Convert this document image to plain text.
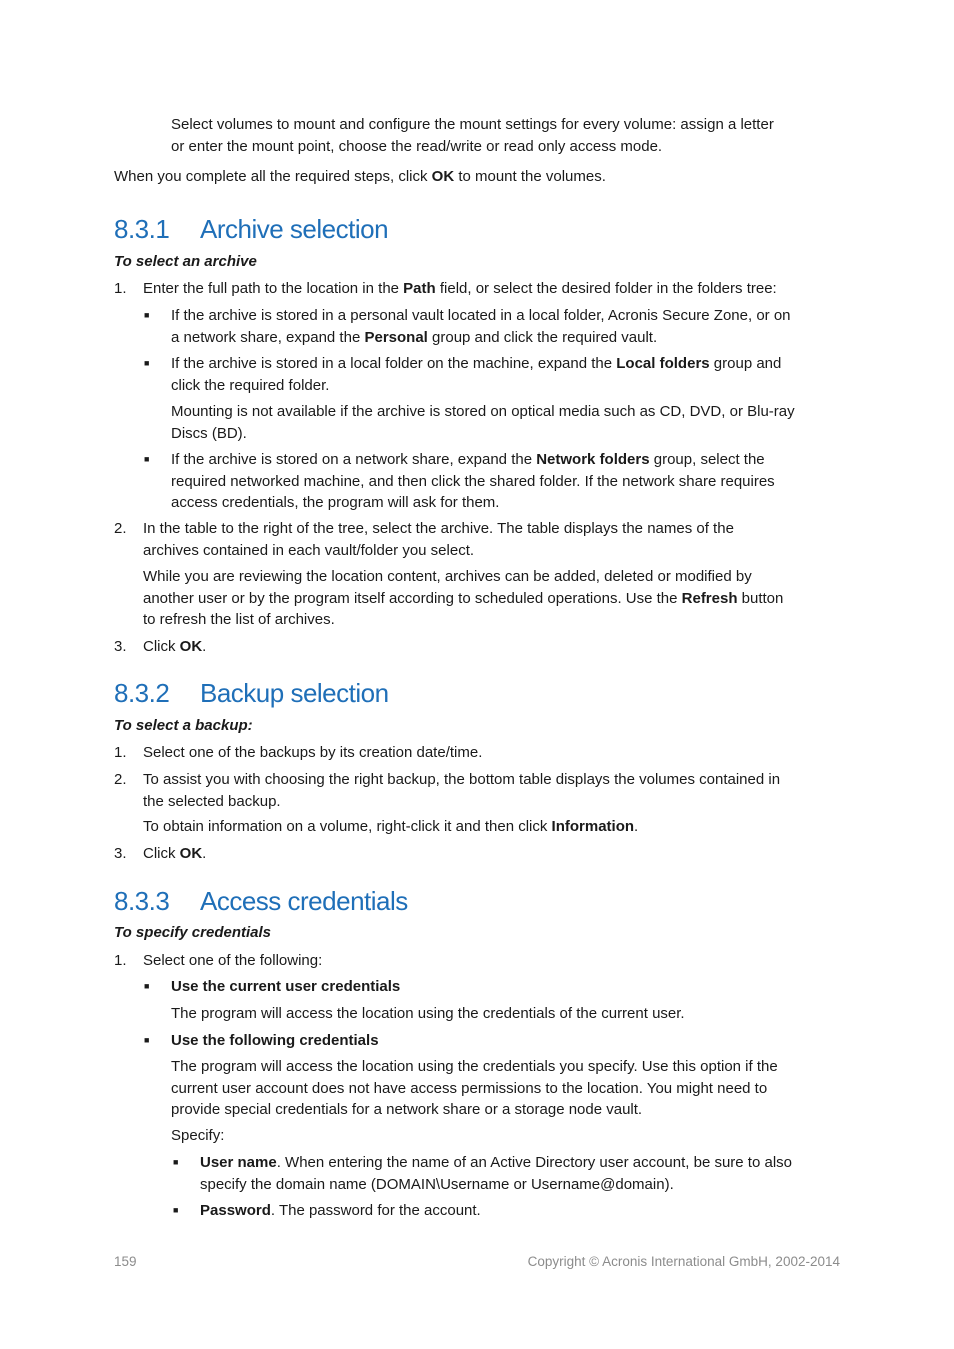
Select volumes to mount and configure the mount settings for every volume: assign a letter
or enter the mount point, choose the read/write or read only access mode.
When you complete all the required steps, click OK to mount the volumes.
8.3.1 Archive selection
To select an archive
1. Enter the full path to the location in the Path field, or select the desired folder in the folders tree:
■ If the archive is stored in a personal vault located in a local folder, Acronis Secure Zone, or on
a network share, expand the Personal group and click the required vault.
■ If the archive is stored in a local folder on the machine, expand the Local folders group and
click the required folder.
Mounting is not available if the archive is stored on optical media such as CD, DVD, or Blu-ray
Discs (BD).
■ If the archive is stored on a network share, expand the Network folders group, select the
required networked machine, and then click the shared folder. If the network share requires
access credentials, the program will ask for them.
2. In the table to the right of the tree, select the archive. The table displays the names of the
archives contained in each vault/folder you select.
While you are reviewing the location content, archives can be added, deleted or modified by
another user or by the program itself according to scheduled operations. Use the Refresh button
to refresh the list of archives.
3. Click OK.
8.3.2 Backup selection
To select a backup:
1. Select one of the backups by its creation date/time.
2. To assist you with choosing the right backup, the bottom table displays the volumes contained in
the selected backup.
To obtain information on a volume, right-click it and then click Information.
3. Click OK.
8.3.3 Access credentials
To specify credentials
1. Select one of the following:
■ Use the current user credentials
The program will access the location using the credentials of the current user.
■ Use the following credentials
The program will access the location using the credentials you specify. Use this option if the
current user account does not have access permissions to the location. You might need to
provide special credentials for a network share or a storage node vault.
Specify:
■ User name. When entering the name of an Active Directory user account, be sure to also
specify the domain name (DOMAIN\Username or Username@domain).
■ Password. The password for the account.
159	Copyright © Acronis International GmbH, 2002-2014
